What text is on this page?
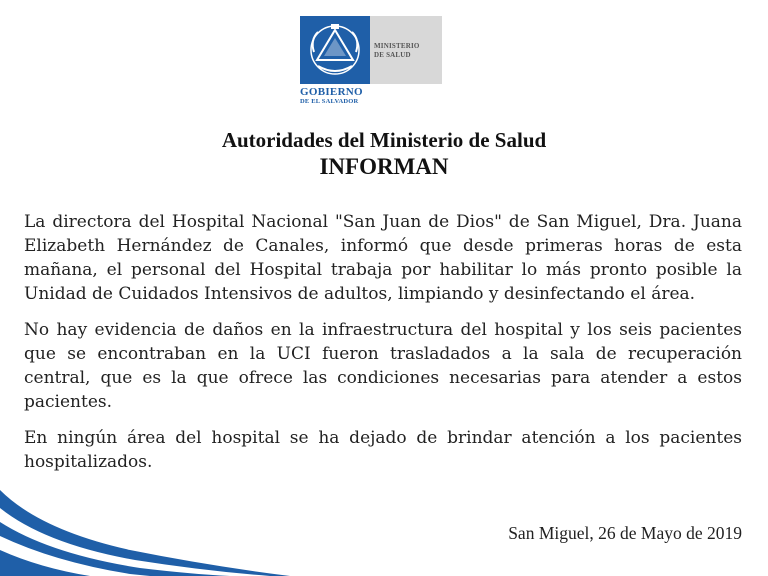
MINISTERIO
DE SALUD
GOBIERNO
DE EL SALVADOR
Autoridades del Ministerio de Salud
INFORMAN

La directora del Hospital Nacional "San Juan de Dios" de San Miguel, Dra. Juana Elizabeth Hernández de Canales, informó que desde primeras horas de esta mañana, el personal del Hospital trabaja por habilitar lo más pronto posible la Unidad de Cuidados Intensivos de adultos, limpiando y desinfectando el área.

No hay evidencia de daños en la infraestructura del hospital y los seis pacientes que se encontraban en la UCI fueron trasladados a la sala de recuperación central, que es la que ofrece las condiciones necesarias para atender a estos pacientes.

En ningún área del hospital se ha dejado de brindar atención a los pacientes hospitalizados.

San Miguel, 26 de Mayo de 2019
